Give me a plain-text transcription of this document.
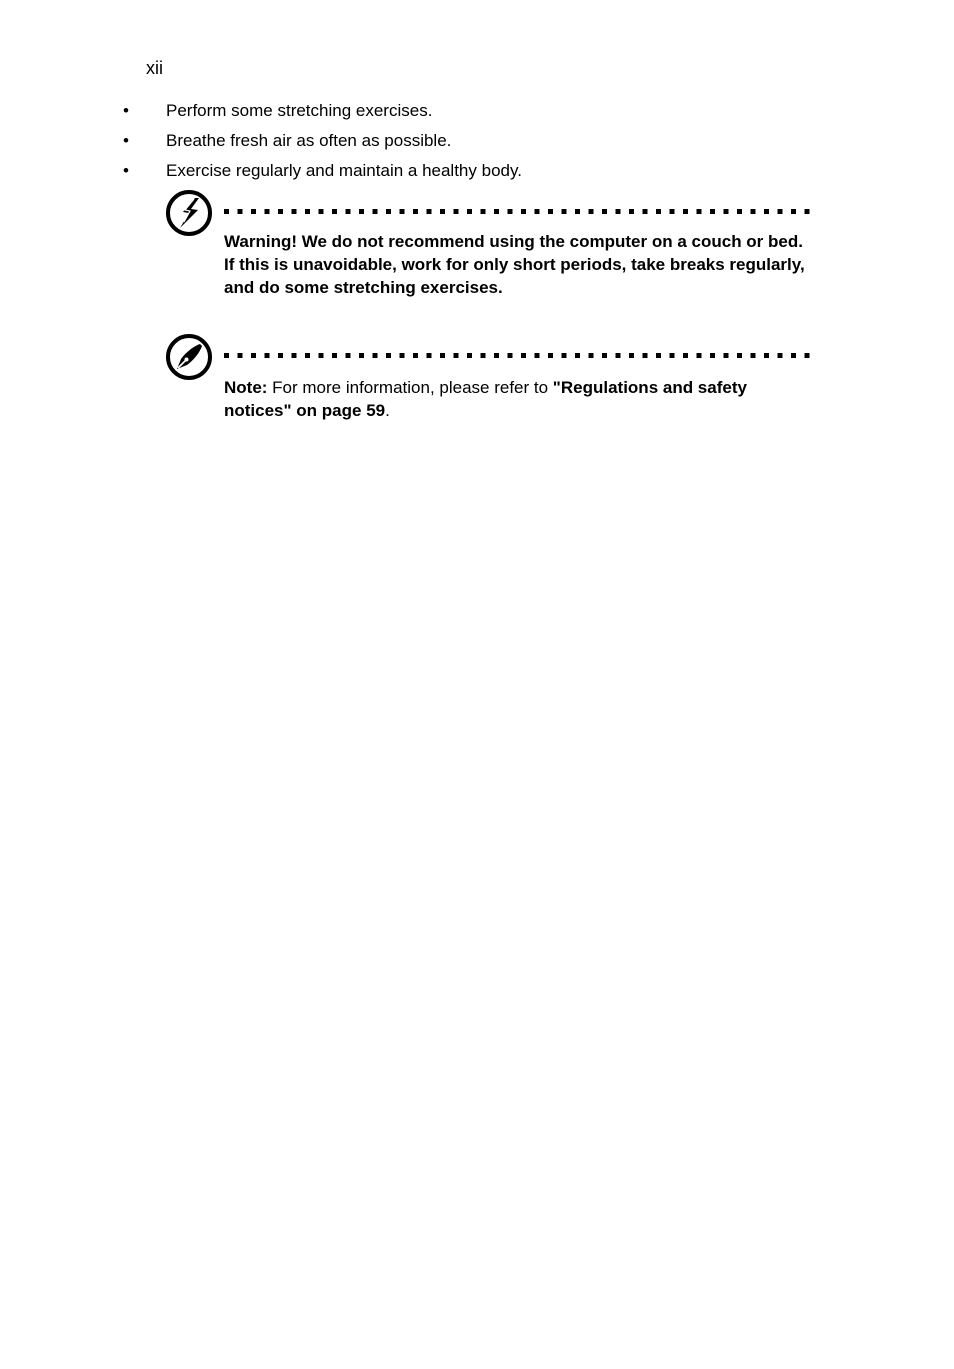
xii
• Perform some stretching exercises.
• Breathe fresh air as often as possible.
• Exercise regularly and maintain a healthy body.
Warning! We do not recommend using the computer on a couch or bed. If this is unavoidable, work for only short periods, take breaks regularly, and do some stretching exercises.
Note: For more information, please refer to "Regulations and safety notices" on page 59.
